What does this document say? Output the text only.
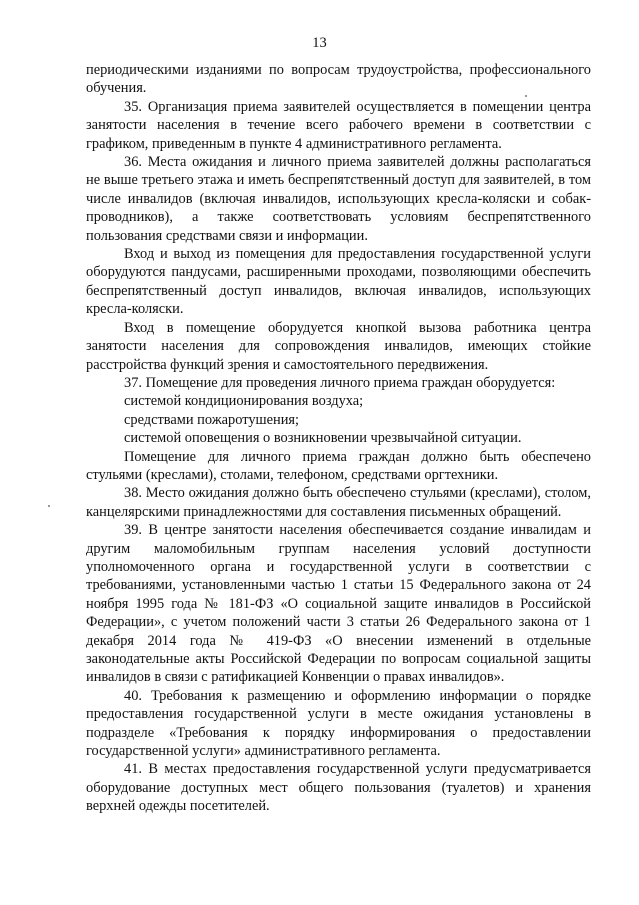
13

периодическими изданиями по вопросам трудоустройства, профессионального обучения.

35. Организация приема заявителей осуществляется в помещении центра занятости населения в течение всего рабочего времени в соответствии с графиком, приведенным в пункте 4 административного регламента.

36. Места ожидания и личного приема заявителей должны располагаться не выше третьего этажа и иметь беспрепятственный доступ для заявителей, в том числе инвалидов (включая инвалидов, использующих кресла-коляски и собак-проводников), а также соответствовать условиям беспрепятственного пользования средствами связи и информации.

Вход и выход из помещения для предоставления государственной услуги оборудуются пандусами, расширенными проходами, позволяющими обеспечить беспрепятственный доступ инвалидов, включая инвалидов, использующих кресла-коляски.

Вход в помещение оборудуется кнопкой вызова работника центра занятости населения для сопровождения инвалидов, имеющих стойкие расстройства функций зрения и самостоятельного передвижения.

37. Помещение для проведения личного приема граждан оборудуется:

системой кондиционирования воздуха;

средствами пожаротушения;

системой оповещения о возникновении чрезвычайной ситуации.

Помещение для личного приема граждан должно быть обеспечено стульями (креслами), столами, телефоном, средствами оргтехники.

38. Место ожидания должно быть обеспечено стульями (креслами), столом, канцелярскими принадлежностями для составления письменных обращений.

39. В центре занятости населения обеспечивается создание инвалидам и другим маломобильным группам населения условий доступности уполномоченного органа и государственной услуги в соответствии с требованиями, установленными частью 1 статьи 15 Федерального закона от 24 ноября 1995 года № 181-ФЗ «О социальной защите инвалидов в Российской Федерации», с учетом положений части 3 статьи 26 Федерального закона от 1 декабря 2014 года № 419-ФЗ «О внесении изменений в отдельные законодательные акты Российской Федерации по вопросам социальной защиты инвалидов в связи с ратификацией Конвенции о правах инвалидов».

40. Требования к размещению и оформлению информации о порядке предоставления государственной услуги в месте ожидания установлены в подразделе «Требования к порядку информирования о предоставлении государственной услуги» административного регламента.

41. В местах предоставления государственной услуги предусматривается оборудование доступных мест общего пользования (туалетов) и хранения верхней одежды посетителей.
